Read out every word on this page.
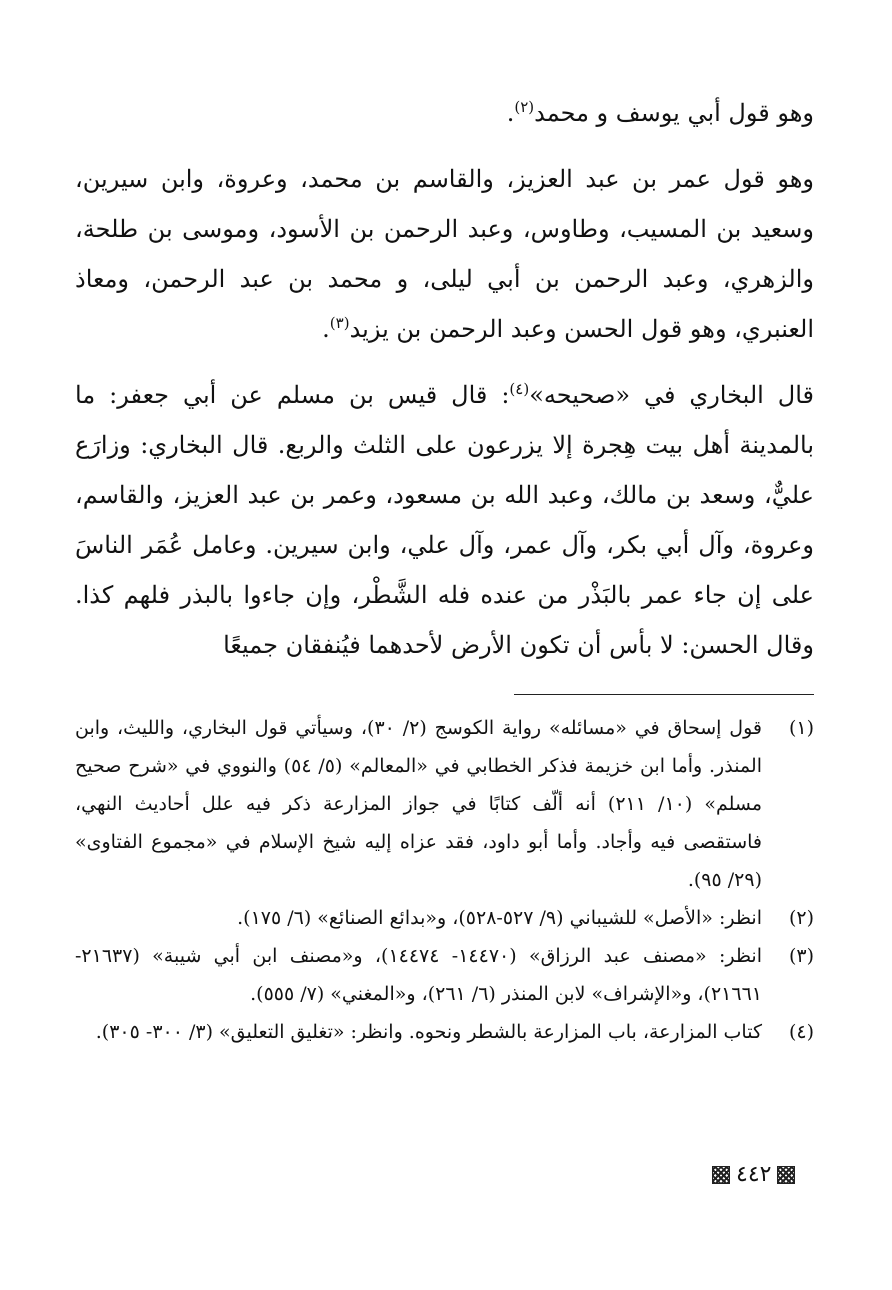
وهو قول أبي يوسف و محمد$^{(٢)}$.

وهو قول عمر بن عبد العزيز، والقاسم بن محمد، وعروة، وابن سيرين، وسعيد بن المسيب، وطاوس، وعبد الرحمن بن الأسود، وموسى بن طلحة، والزهري، وعبد الرحمن بن أبي ليلى، و محمد بن عبد الرحمن، ومعاذ العنبري، وهو قول الحسن وعبد الرحمن بن يزيد$^{(٣)}$.

قال البخاري في «صحيحه»$^{(٤)}$: قال قيس بن مسلم عن أبي جعفر: ما بالمدينة أهل بيت هِجرة إلا يزرعون على الثلث والربع. قال البخاري: وزارَع عليٌّ، وسعد بن مالك، وعبد الله بن مسعود، وعمر بن عبد العزيز، والقاسم، وعروة، وآل أبي بكر، وآل عمر، وآل علي، وابن سيرين. وعامل عُمَر الناسَ على إن جاء عمر بالبَذْر من عنده فله الشَّطْر، وإن جاءوا بالبذر فلهم كذا. وقال الحسن: لا بأس أن تكون الأرض لأحدهما فيُنفقان جميعًا

(١)
قول إسحاق في «مسائله» رواية الكوسج (٢/ ٣٠)، وسيأتي قول البخاري، والليث، وابن المنذر. وأما ابن خزيمة فذكر الخطابي في «المعالم» (٥/ ٥٤) والنووي في «شرح صحيح مسلم» (١٠/ ٢١١) أنه ألّف كتابًا في جواز المزارعة ذكر فيه علل أحاديث النهي، فاستقصى فيه وأجاد. وأما أبو داود، فقد عزاه إليه شيخ الإسلام في «مجموع الفتاوى» (٢٩/ ٩٥).
(٢)
انظر: «الأصل» للشيباني (٩/ ٥٢٧-٥٢٨)، و«بدائع الصنائع» (٦/ ١٧٥).
(٣)
انظر: «مصنف عبد الرزاق» (١٤٤٧٠- ١٤٤٧٤)، و«مصنف ابن أبي شيبة» (٢١٦٣٧- ٢١٦٦١)، و«الإشراف» لابن المنذر (٦/ ٢٦١)، و«المغني» (٧/ ٥٥٥).
(٤)
كتاب المزارعة، باب المزارعة بالشطر ونحوه. وانظر: «تغليق التعليق» (٣/ ٣٠٠- ٣٠٥).
٤٤٢
